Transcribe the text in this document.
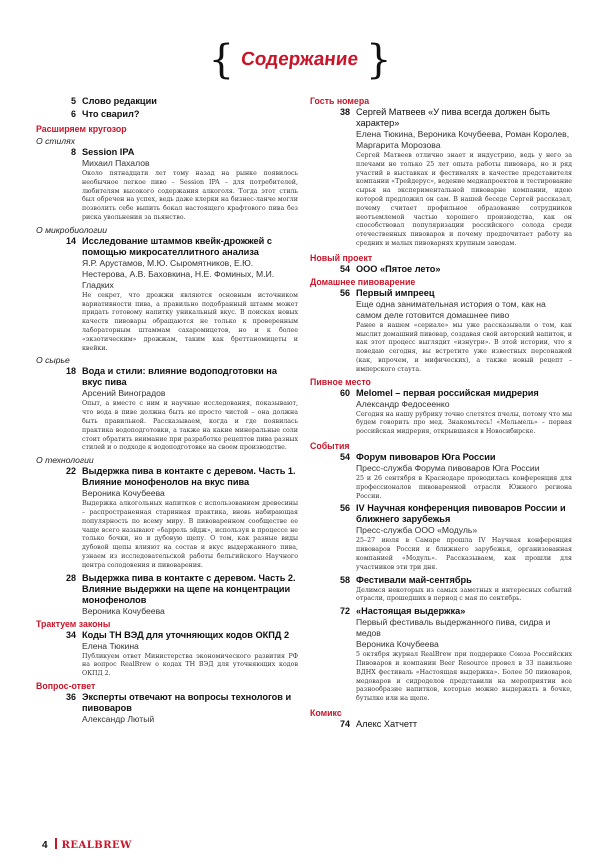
{ Содержание }
5 Слово редакции
6 Что сварил?
Расширяем кругозор
О стилях
8 Session IPA
Михаил Пахалов
Около пятнадцати лет тому назад на рынке появилось необычное легкое пиво – Session IPA – для потребителей, любителям высокого содержания алкоголя. Тогда этот стиль был обречен на успех, ведь даже клерки на бизнес-ланче могли позволить себе выпить бокал настоящего крафтового пива без риска увольнения за пьянство.
О микробиологии
14 Исследование штаммов квейк-дрожжей с помощью микросателлитного анализа
Я.Р. Арустамов, М.Ю. Сыромятников, Е.Ю. Нестерова, А.В. Баховкина, Н.Е. Фоминых, М.И. Гладких
Не секрет, что дрожжи являются основным источником вариативности пива, а правильно подобранный штамм может придать готовому напитку уникальный вкус. В поисках новых качеств пивовары обращаются не только к проверенным лабораторным штаммам сахаромицетов, но и к более «экзотическим» дрожжам, таким как бреттаномицеты и квейки.
О сырье
18 Вода и стили: влияние водоподготовки на вкус пива
Арсений Виноградов
Опыт, а вместе с ним и научные исследования, показывают, что вода в пиве должна быть не просто чистой – она должна быть правильной. Рассказываем, когда и где появилась практика водоподготовки, а также на какие минеральные соли стоит обратить внимание при разработке рецептов пива разных стилей и о подходе к водоподготовке на своем производстве.
О технологии
22 Выдержка пива в контакте с деревом. Часть 1. Влияние монофенолов на вкус пива
Вероника Кочубеева
Выдержка алкогольных напитков с использованием древесины – распространенная старинная практика, вновь набирающая популярность по всему миру. В пивоваренном сообществе ее чаще всего называют «баррель эйдж», используя в процессе не только бочки, но и дубовую щепу. О том, как разные виды дубовой щепы влияют на состав и вкус выдержанного пива, узнаем из исследовательской работы бельгийского Научного центра солодовения и пивоварения.
28 Выдержка пива в контакте с деревом. Часть 2. Влияние выдержки на щепе на концентрации монофенолов
Вероника Кочубеева
Трактуем законы
34 Коды ТН ВЭД для уточняющих кодов ОКПД 2
Елена Тюкина
Публикуем ответ Министерства экономического развития РФ на вопрос RealBrew о кодах ТН ВЭД для уточняющих кодов ОКПД 2.
Вопрос-ответ
36 Эксперты отвечают на вопросы технологов и пивоваров
Александр Лютый
Гость номера
38 Сергей Матвеев «У пива всегда должен быть характер»
Елена Тюкина, Вероника Кочубеева, Роман Королев, Маргарита Морозова
Сергей Матвеев отлично знает и индустрию, ведь у него за плечами не только 25 лет опыта работы пивовара, но и ряд участий в выставках и фестивалях в качестве представителя компании «Трейдерус», ведение медиапроектов и тестирование сырья на экспериментальной пивоварне компании, идею которой предложил он сам. В нашей беседе Сергей рассказал, почему считает профильное образование сотрудников неотъемлемой частью хорошего производства, как он способствовал популяризации российского солода среди отечественных пивоваров и почему предпочитает работу на средних и малых пивоварнях крупным заводам.
Новый проект
54 ООО «Пятое лето»
Домашнее пивоварение
56 Первый импреец
Еще одна занимательная история о том, как на самом деле готовится домашнее пиво
Ранее в нашем «сериале» мы уже рассказывали о том, как мыслит домашний пивовар, создавая свой авторский напиток, и как этот процесс выглядит «изнутри». В этой истории, что я поведаю сегодня, вы встретите уже известных персонажей (как, впрочем, и мифических), а также новый рецепт – имперского стаута.
Пивное место
60 Melomel – первая российская мидрерия
Александр Федосеенко
Сегодня на нашу рубрику точно слетятся пчелы, потому что мы будем говорить про мед. Знакомьтесь! «Мельмель» – первая российская мидрерия, открывшаяся в Новосибирске.
События
54 Форум пивоваров Юга России
Пресс-служба Форума пивоваров Юга России
25 и 26 сентября в Краснодаре проводилась конференция для профессионалов пивоваренной отрасли Южного региона России.
56 IV Научная конференция пивоваров России и ближнего зарубежья
Пресс-служба ООО «Модуль»
25–27 июля в Самаре прошла IV Научная конференция пивоваров России и ближнего зарубежья, организованная компанией «Модуль». Рассказываем, как прошли для участников эти три дня.
58 Фестивали май-сентябрь
Делимся некоторых из самых заметных и интересных событий отрасли, прошедших в период с мая по сентябрь.
72 «Настоящая выдержка»
Первый фестиваль выдержанного пива, сидра и медов
Вероника Кочубеева
5 октября журнал RealBrew при поддержке Союза Российских Пивоваров и компании Beer Resource провел в 33 павильоне ВДНХ фестиваль «Настоящая выдержка». Более 50 пивоваров, медоваров и сидроделов представили на мероприятии все разнообразие напитков, которые можно выдержать в бочке, бутылке или на щепе.
Комикс
74 Алекс Хатчетт
4 REALBREW
